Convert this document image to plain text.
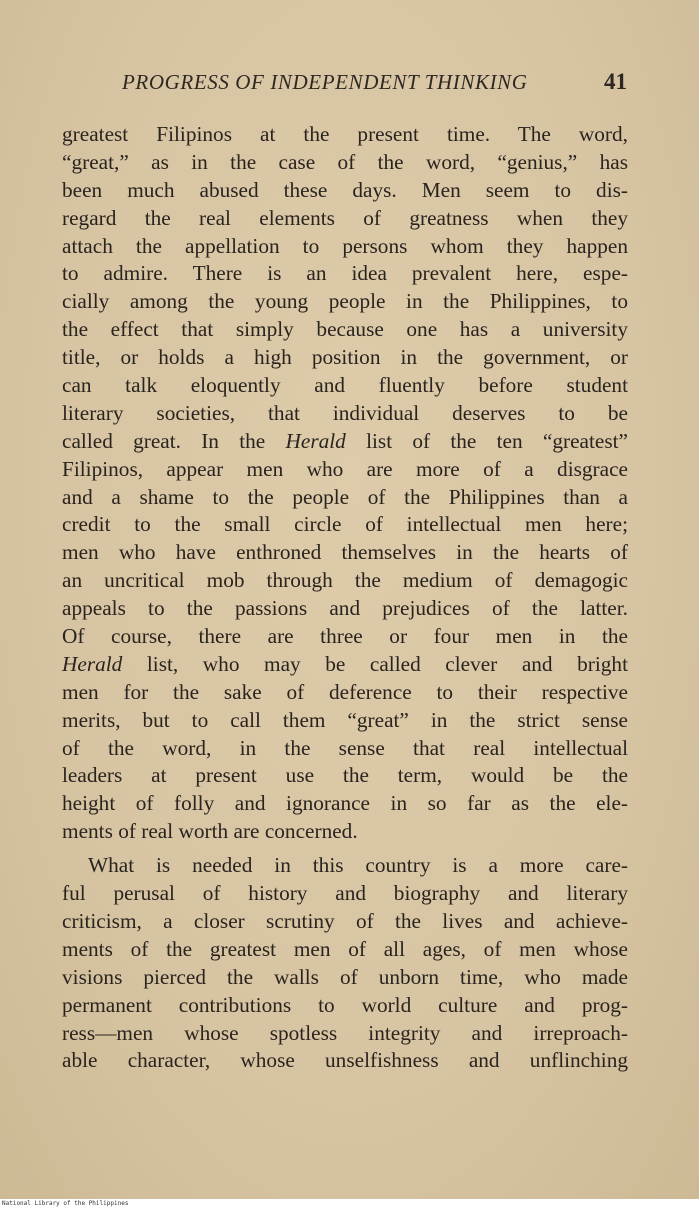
PROGRESS OF INDEPENDENT THINKING	41

greatest Filipinos at the present time. The word,
“great,” as in the case of the word, “genius,” has
been much abused these days. Men seem to dis-
regard the real elements of greatness when they
attach the appellation to persons whom they happen
to admire. There is an idea prevalent here, espe-
cially among the young people in the Philippines, to
the effect that simply because one has a university
title, or holds a high position in the government, or
can talk eloquently and fluently before student
literary societies, that individual deserves to be
called great. In the Herald list of the ten “greatest”
Filipinos, appear men who are more of a disgrace
and a shame to the people of the Philippines than a
credit to the small circle of intellectual men here;
men who have enthroned themselves in the hearts of
an uncritical mob through the medium of demagogic
appeals to the passions and prejudices of the latter.
Of course, there are three or four men in the
Herald list, who may be called clever and bright
men for the sake of deference to their respective
merits, but to call them “great” in the strict sense
of the word, in the sense that real intellectual
leaders at present use the term, would be the
height of folly and ignorance in so far as the ele-
ments of real worth are concerned.

What is needed in this country is a more care-
ful perusal of history and biography and literary
criticism, a closer scrutiny of the lives and achieve-
ments of the greatest men of all ages, of men whose
visions pierced the walls of unborn time, who made
permanent contributions to world culture and prog-
ress—men whose spotless integrity and irreproach-
able character, whose unselfishness and unflinching

National Library of the Philippines
